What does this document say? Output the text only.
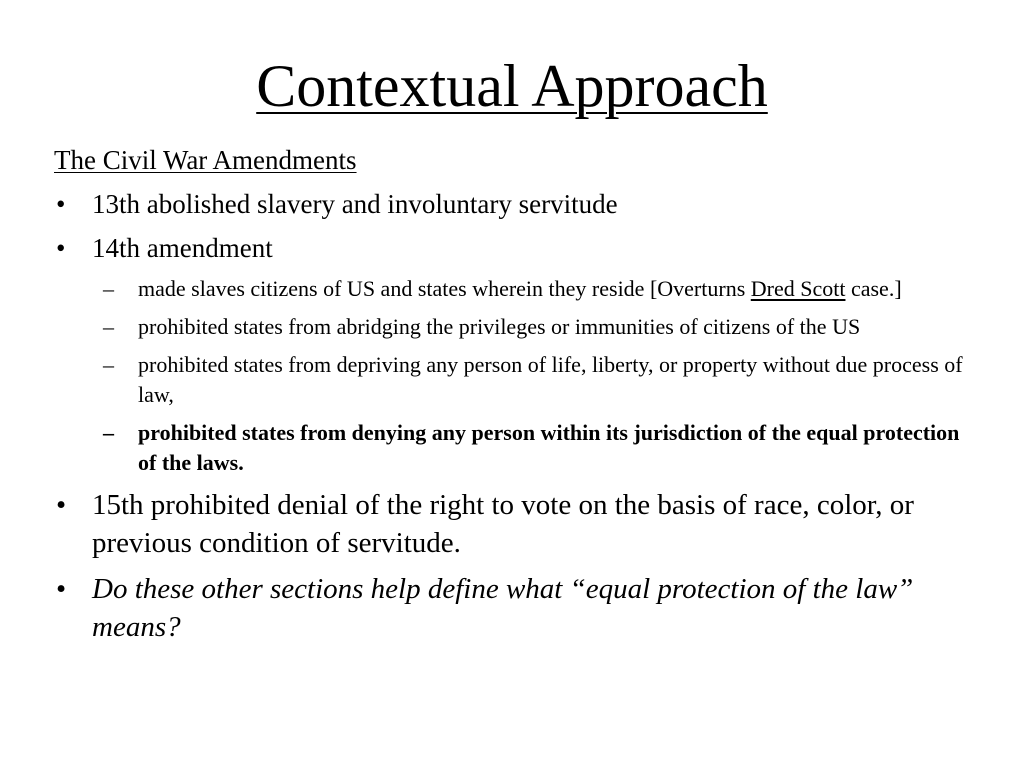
Contextual Approach
The Civil War Amendments
• 13th abolished slavery and involuntary servitude
• 14th amendment
– made slaves citizens of US and states wherein they reside [Overturns Dred Scott case.]
– prohibited states from abridging the privileges or immunities of citizens of the US
– prohibited states from depriving any person of life, liberty, or property without due process of law,
– prohibited states from denying any person within its jurisdiction of the equal protection of the laws.
• 15th prohibited denial of the right to vote on the basis of race, color, or previous condition of servitude.
• Do these other sections help define what “equal protection of the law” means?
